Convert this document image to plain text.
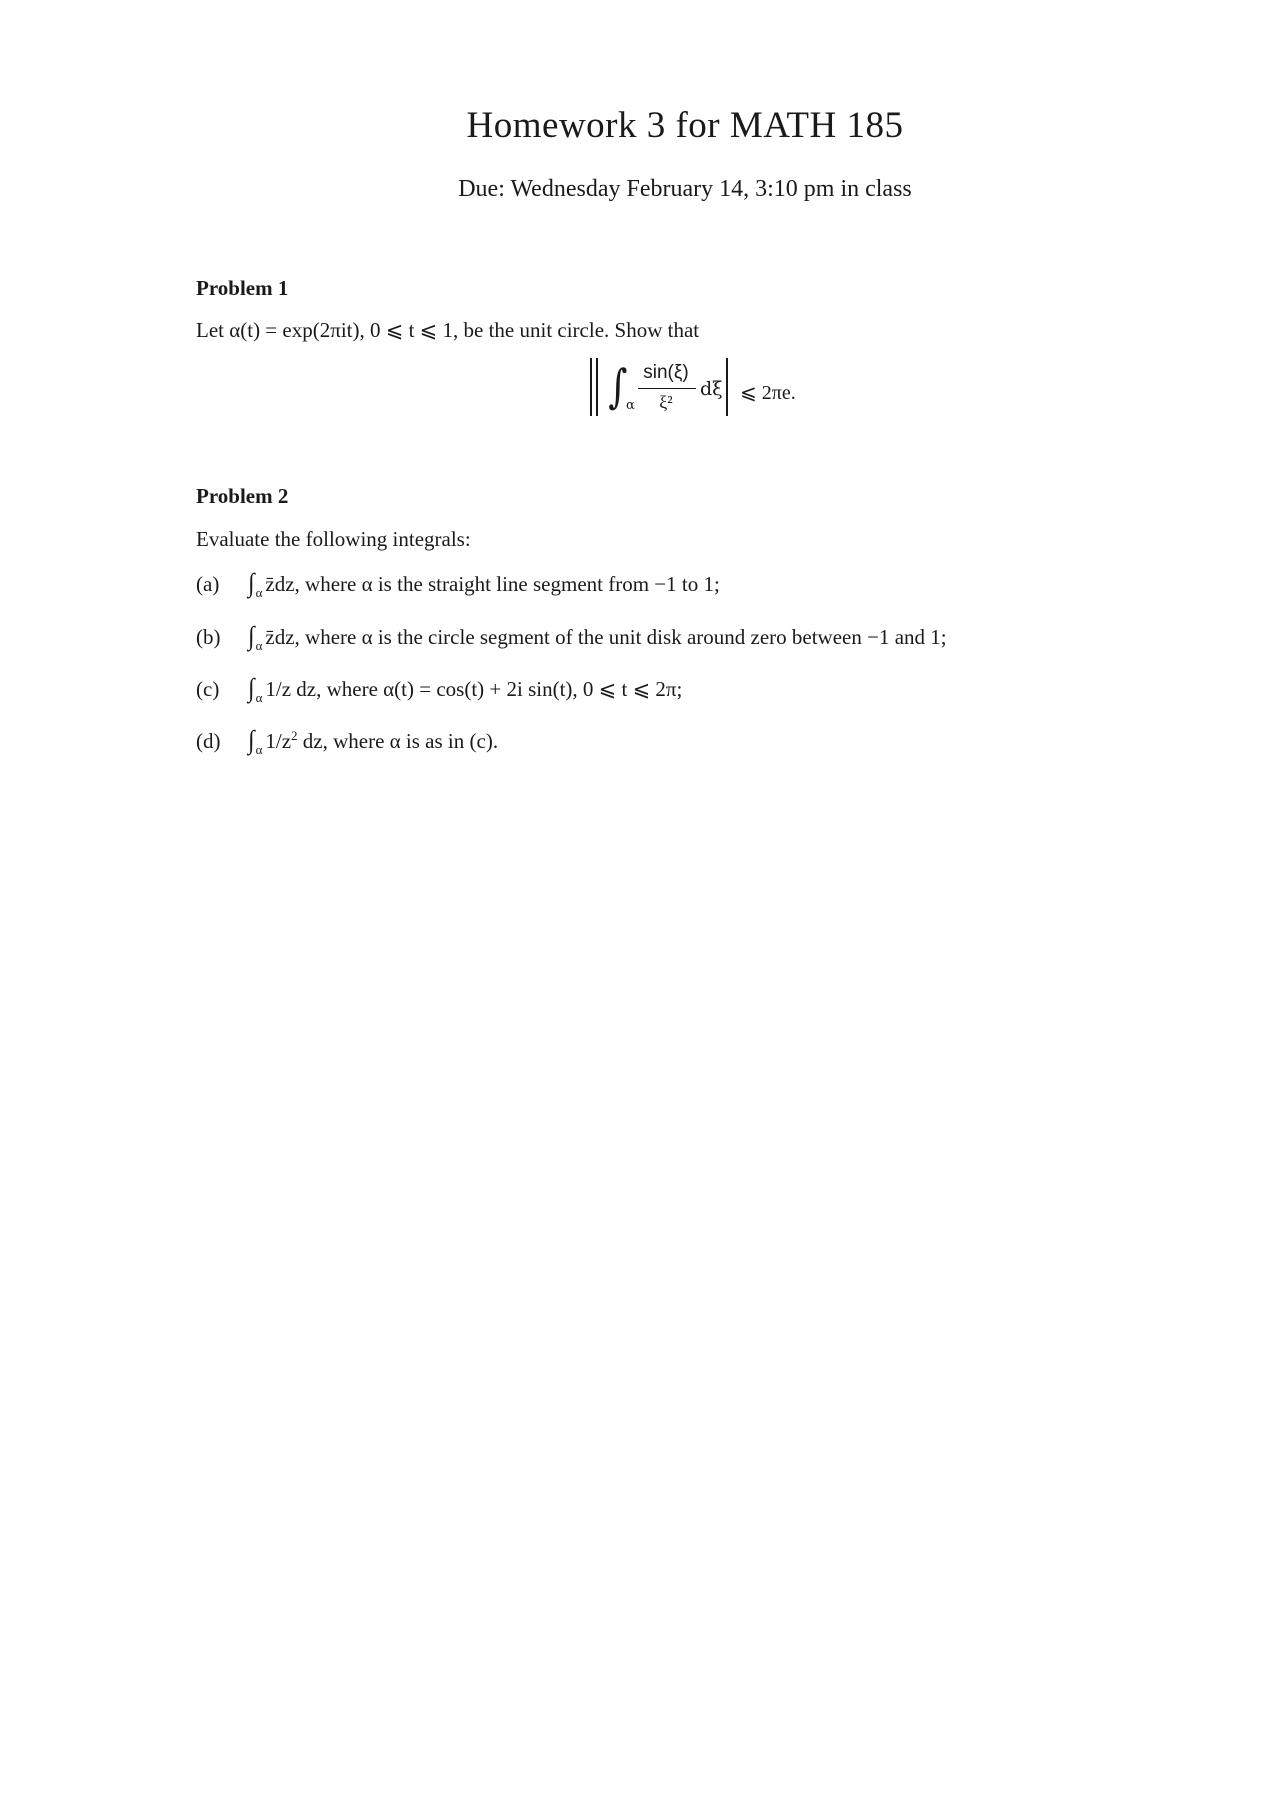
Homework 3 for MATH 185
Due: Wednesday February 14, 3:10 pm in class
Problem 1
Let α(t) = exp(2πit), 0 ⩽ t ⩽ 1, be the unit circle. Show that
∫
α
sin(ξ)
ξ²
dξ ⩽ 2πe.
Problem 2
Evaluate the following integrals:
(a) $\int_\alpha$ z̄dz, where α is the straight line segment from −1 to 1;
(b) $\int_\alpha$ z̄dz, where α is the circle segment of the unit disk around zero between −1 and 1;
(c) $\int_\alpha$ 1/z dz, where α(t) = cos(t) + 2i sin(t), 0 ⩽ t ⩽ 2π;
(d) $\int_\alpha$ $1/z^2$ dz, where α is as in (c).
